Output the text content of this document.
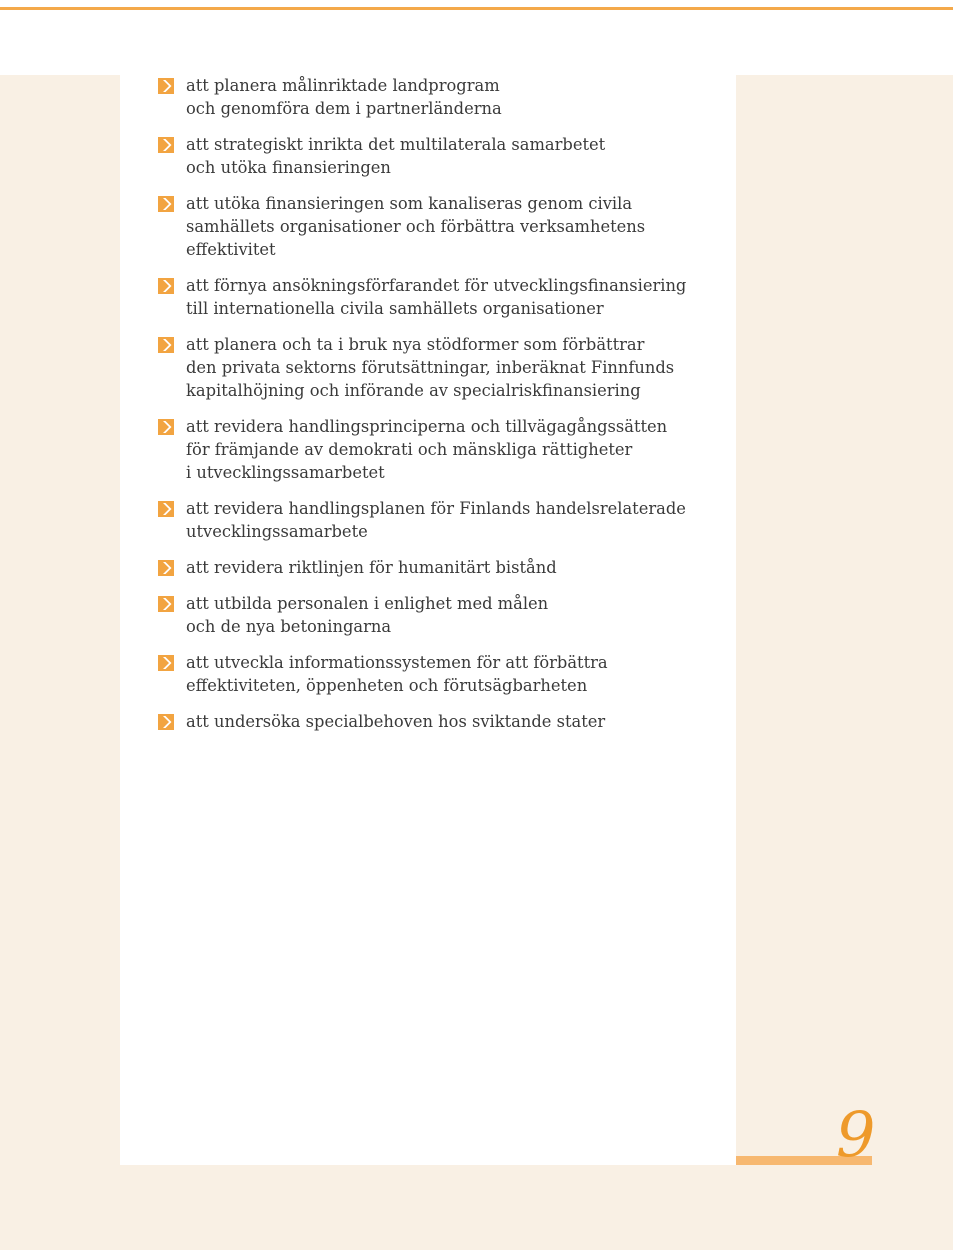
att planera målinriktade landprogram
och genomföra dem i partnerländerna
att strategiskt inrikta det multilaterala samarbetet
och utöka finansieringen
att utöka finansieringen som kanaliseras genom civila
samhällets organisationer och förbättra verksamhetens
effektivitet
att förnya ansökningsförfarandet för utvecklingsfinansiering
till internationella civila samhällets organisationer
att planera och ta i bruk nya stödformer som förbättrar
den privata sektorns förutsättningar, inberäknat Finnfunds
kapitalhöjning och införande av specialriskfinansiering
att revidera handlingsprinciperna och tillvägagångssätten
för främjande av demokrati och mänskliga rättigheter
i utvecklingssamarbetet
att revidera handlingsplanen för Finlands handelsrelaterade
utvecklingssamarbete
att revidera riktlinjen för humanitärt bistånd
att utbilda personalen i enlighet med målen
och de nya betoningarna
att utveckla informationssystemen för att förbättra
effektiviteten, öppenheten och förutsägbarheten
att undersöka specialbehoven hos sviktande stater
9
